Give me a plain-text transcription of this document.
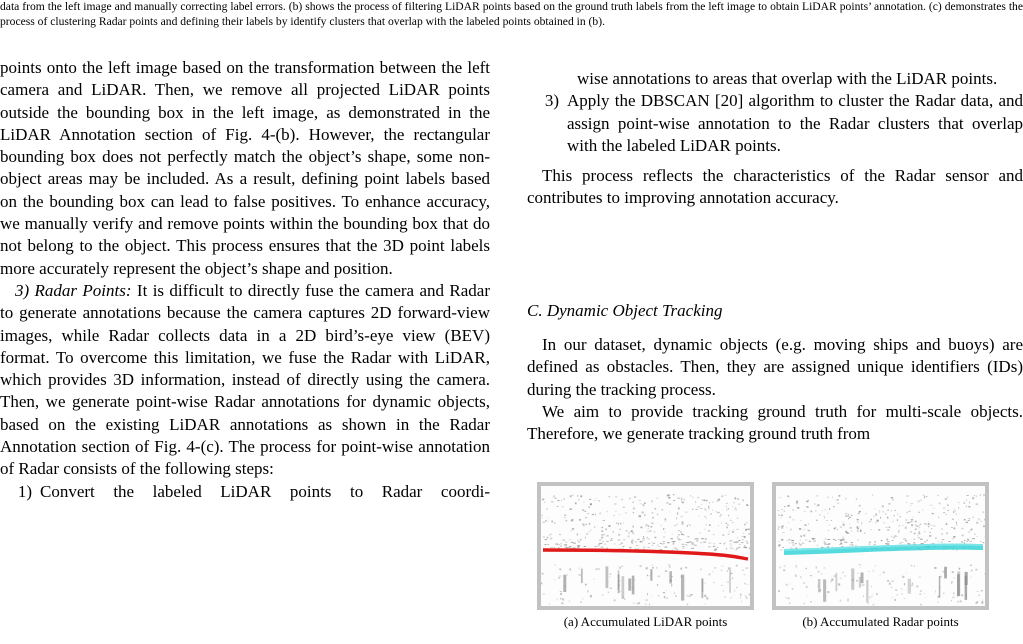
data from the left image and manually correcting label errors. (b) shows the process of filtering LiDAR points based on the ground truth labels from the left image to obtain LiDAR points’ annotation. (c) demonstrates the process of clustering Radar points and defining their labels by identify clusters that overlap with the labeled points obtained in (b).

points onto the left image based on the transformation between the left camera and LiDAR. Then, we remove all projected LiDAR points outside the bounding box in the left image, as demonstrated in the LiDAR Annotation section of Fig. 4-(b). However, the rectangular bounding box does not perfectly match the object’s shape, some non-object areas may be included. As a result, defining point labels based on the bounding box can lead to false positives. To enhance accuracy, we manually verify and remove points within the bounding box that do not belong to the object. This process ensures that the 3D point labels more accurately represent the object’s shape and position.

3) Radar Points: It is difficult to directly fuse the camera and Radar to generate annotations because the camera captures 2D forward-view images, while Radar collects data in a 2D bird’s-eye view (BEV) format. To overcome this limitation, we fuse the Radar with LiDAR, which provides 3D information, instead of directly using the camera. Then, we generate point-wise Radar annotations for dynamic objects, based on the existing LiDAR annotations as shown in the Radar Annotation section of Fig. 4-(c). The process for point-wise annotation of Radar consists of the following steps:

1) Convert the labeled LiDAR points to Radar coordi-

wise annotations to areas that overlap with the LiDAR points.

3) Apply the DBSCAN [20] algorithm to cluster the Radar data, and assign point-wise annotation to the Radar clusters that overlap with the labeled LiDAR points.

This process reflects the characteristics of the Radar sensor and contributes to improving annotation accuracy.

C. Dynamic Object Tracking

In our dataset, dynamic objects (e.g. moving ships and buoys) are defined as obstacles. Then, they are assigned unique identifiers (IDs) during the tracking process.

We aim to provide tracking ground truth for multi-scale objects. Therefore, we generate tracking ground truth from

(a) Accumulated LiDAR points	(b) Accumulated Radar points
